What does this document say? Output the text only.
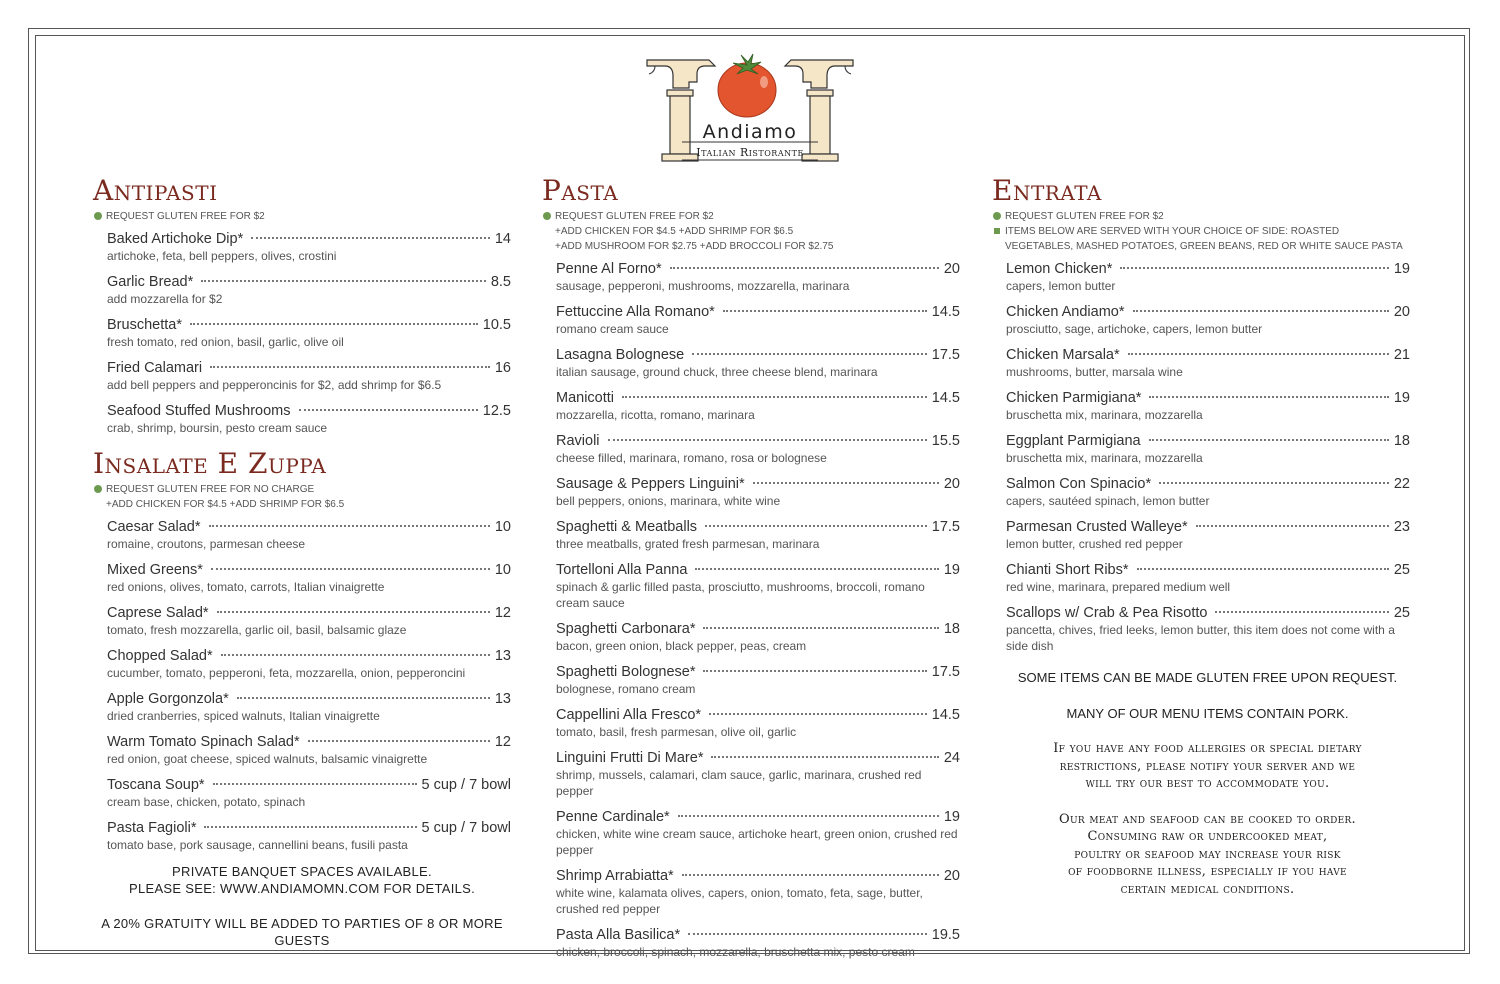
Andiamo
Italian Ristorante
Antipasti
REQUEST GLUTEN FREE FOR $2
Baked Artichoke Dip*	14
artichoke, feta, bell peppers, olives, crostini
Garlic Bread*	8.5
add mozzarella for $2
Bruschetta*	10.5
fresh tomato, red onion, basil, garlic, olive oil
Fried Calamari	16
add bell peppers and pepperoncinis for $2, add shrimp for $6.5
Seafood Stuffed Mushrooms	12.5
crab, shrimp, boursin, pesto cream sauce
Insalate E Zuppa
REQUEST GLUTEN FREE FOR NO CHARGE
+ADD CHICKEN FOR $4.5 +ADD SHRIMP FOR $6.5
Caesar Salad*	10
romaine, croutons, parmesan cheese
Mixed Greens*	10
red onions, olives, tomato, carrots, Italian vinaigrette
Caprese Salad*	12
tomato, fresh mozzarella, garlic oil, basil, balsamic glaze
Chopped Salad*	13
cucumber, tomato, pepperoni, feta, mozzarella, onion, pepperoncini
Apple Gorgonzola*	13
dried cranberries, spiced walnuts, Italian vinaigrette
Warm Tomato Spinach Salad*	12
red onion, goat cheese, spiced walnuts, balsamic vinaigrette
Toscana Soup*	5 cup / 7 bowl
cream base, chicken, potato, spinach
Pasta Fagioli*	5 cup / 7 bowl
tomato base, pork sausage, cannellini beans, fusili pasta
PRIVATE BANQUET SPACES AVAILABLE.
PLEASE SEE: WWW.ANDIAMOMN.COM FOR DETAILS.
A 20% GRATUITY WILL BE ADDED TO PARTIES OF 8 OR MORE GUESTS
Pasta
REQUEST GLUTEN FREE FOR $2
+ADD CHICKEN FOR $4.5 +ADD SHRIMP FOR $6.5
+ADD MUSHROOM FOR $2.75 +ADD BROCCOLI FOR $2.75
Penne Al Forno*	20
sausage, pepperoni, mushrooms, mozzarella, marinara
Fettuccine Alla Romano*	14.5
romano cream sauce
Lasagna Bolognese	17.5
italian sausage, ground chuck, three cheese blend, marinara
Manicotti	14.5
mozzarella, ricotta, romano, marinara
Ravioli	15.5
cheese filled, marinara, romano, rosa or bolognese
Sausage & Peppers Linguini*	20
bell peppers, onions, marinara, white wine
Spaghetti & Meatballs	17.5
three meatballs, grated fresh parmesan, marinara
Tortelloni Alla Panna	19
spinach & garlic filled pasta, prosciutto, mushrooms, broccoli, romano cream sauce
Spaghetti Carbonara*	18
bacon, green onion, black pepper, peas, cream
Spaghetti Bolognese*	17.5
bolognese, romano cream
Cappellini Alla Fresco*	14.5
tomato, basil, fresh parmesan, olive oil, garlic
Linguini Frutti Di Mare*	24
shrimp, mussels, calamari, clam sauce, garlic, marinara, crushed red pepper
Penne Cardinale*	19
chicken, white wine cream sauce, artichoke heart, green onion, crushed red pepper
Shrimp Arrabiatta*	20
white wine, kalamata olives, capers, onion, tomato, feta, sage, butter, crushed red pepper
Pasta Alla Basilica*	19.5
chicken, broccoli, spinach, mozzarella, bruschetta mix, pesto cream
Entrata
REQUEST GLUTEN FREE FOR $2
ITEMS BELOW ARE SERVED WITH YOUR CHOICE OF SIDE: ROASTED VEGETABLES, MASHED POTATOES, GREEN BEANS, RED OR WHITE SAUCE PASTA
Lemon Chicken*	19
capers, lemon butter
Chicken Andiamo*	20
prosciutto, sage, artichoke, capers, lemon butter
Chicken Marsala*	21
mushrooms, butter, marsala wine
Chicken Parmigiana*	19
bruschetta mix, marinara, mozzarella
Eggplant Parmigiana	18
bruschetta mix, marinara, mozzarella
Salmon Con Spinacio*	22
capers, sautéed spinach, lemon butter
Parmesan Crusted Walleye*	23
lemon butter, crushed red pepper
Chianti Short Ribs*	25
red wine, marinara, prepared medium well
Scallops w/ Crab & Pea Risotto	25
pancetta, chives, fried leeks, lemon butter, this item does not come with a side dish

SOME ITEMS CAN BE MADE GLUTEN FREE UPON REQUEST.

MANY OF OUR MENU ITEMS CONTAIN PORK.

If you have any food allergies or special dietary
restrictions, please notify your server and we
will try our best to accommodate you.

Our meat and seafood can be cooked to order.
Consuming raw or undercooked meat,
poultry or seafood may increase your risk
of foodborne illness, especially if you have
certain medical conditions.
